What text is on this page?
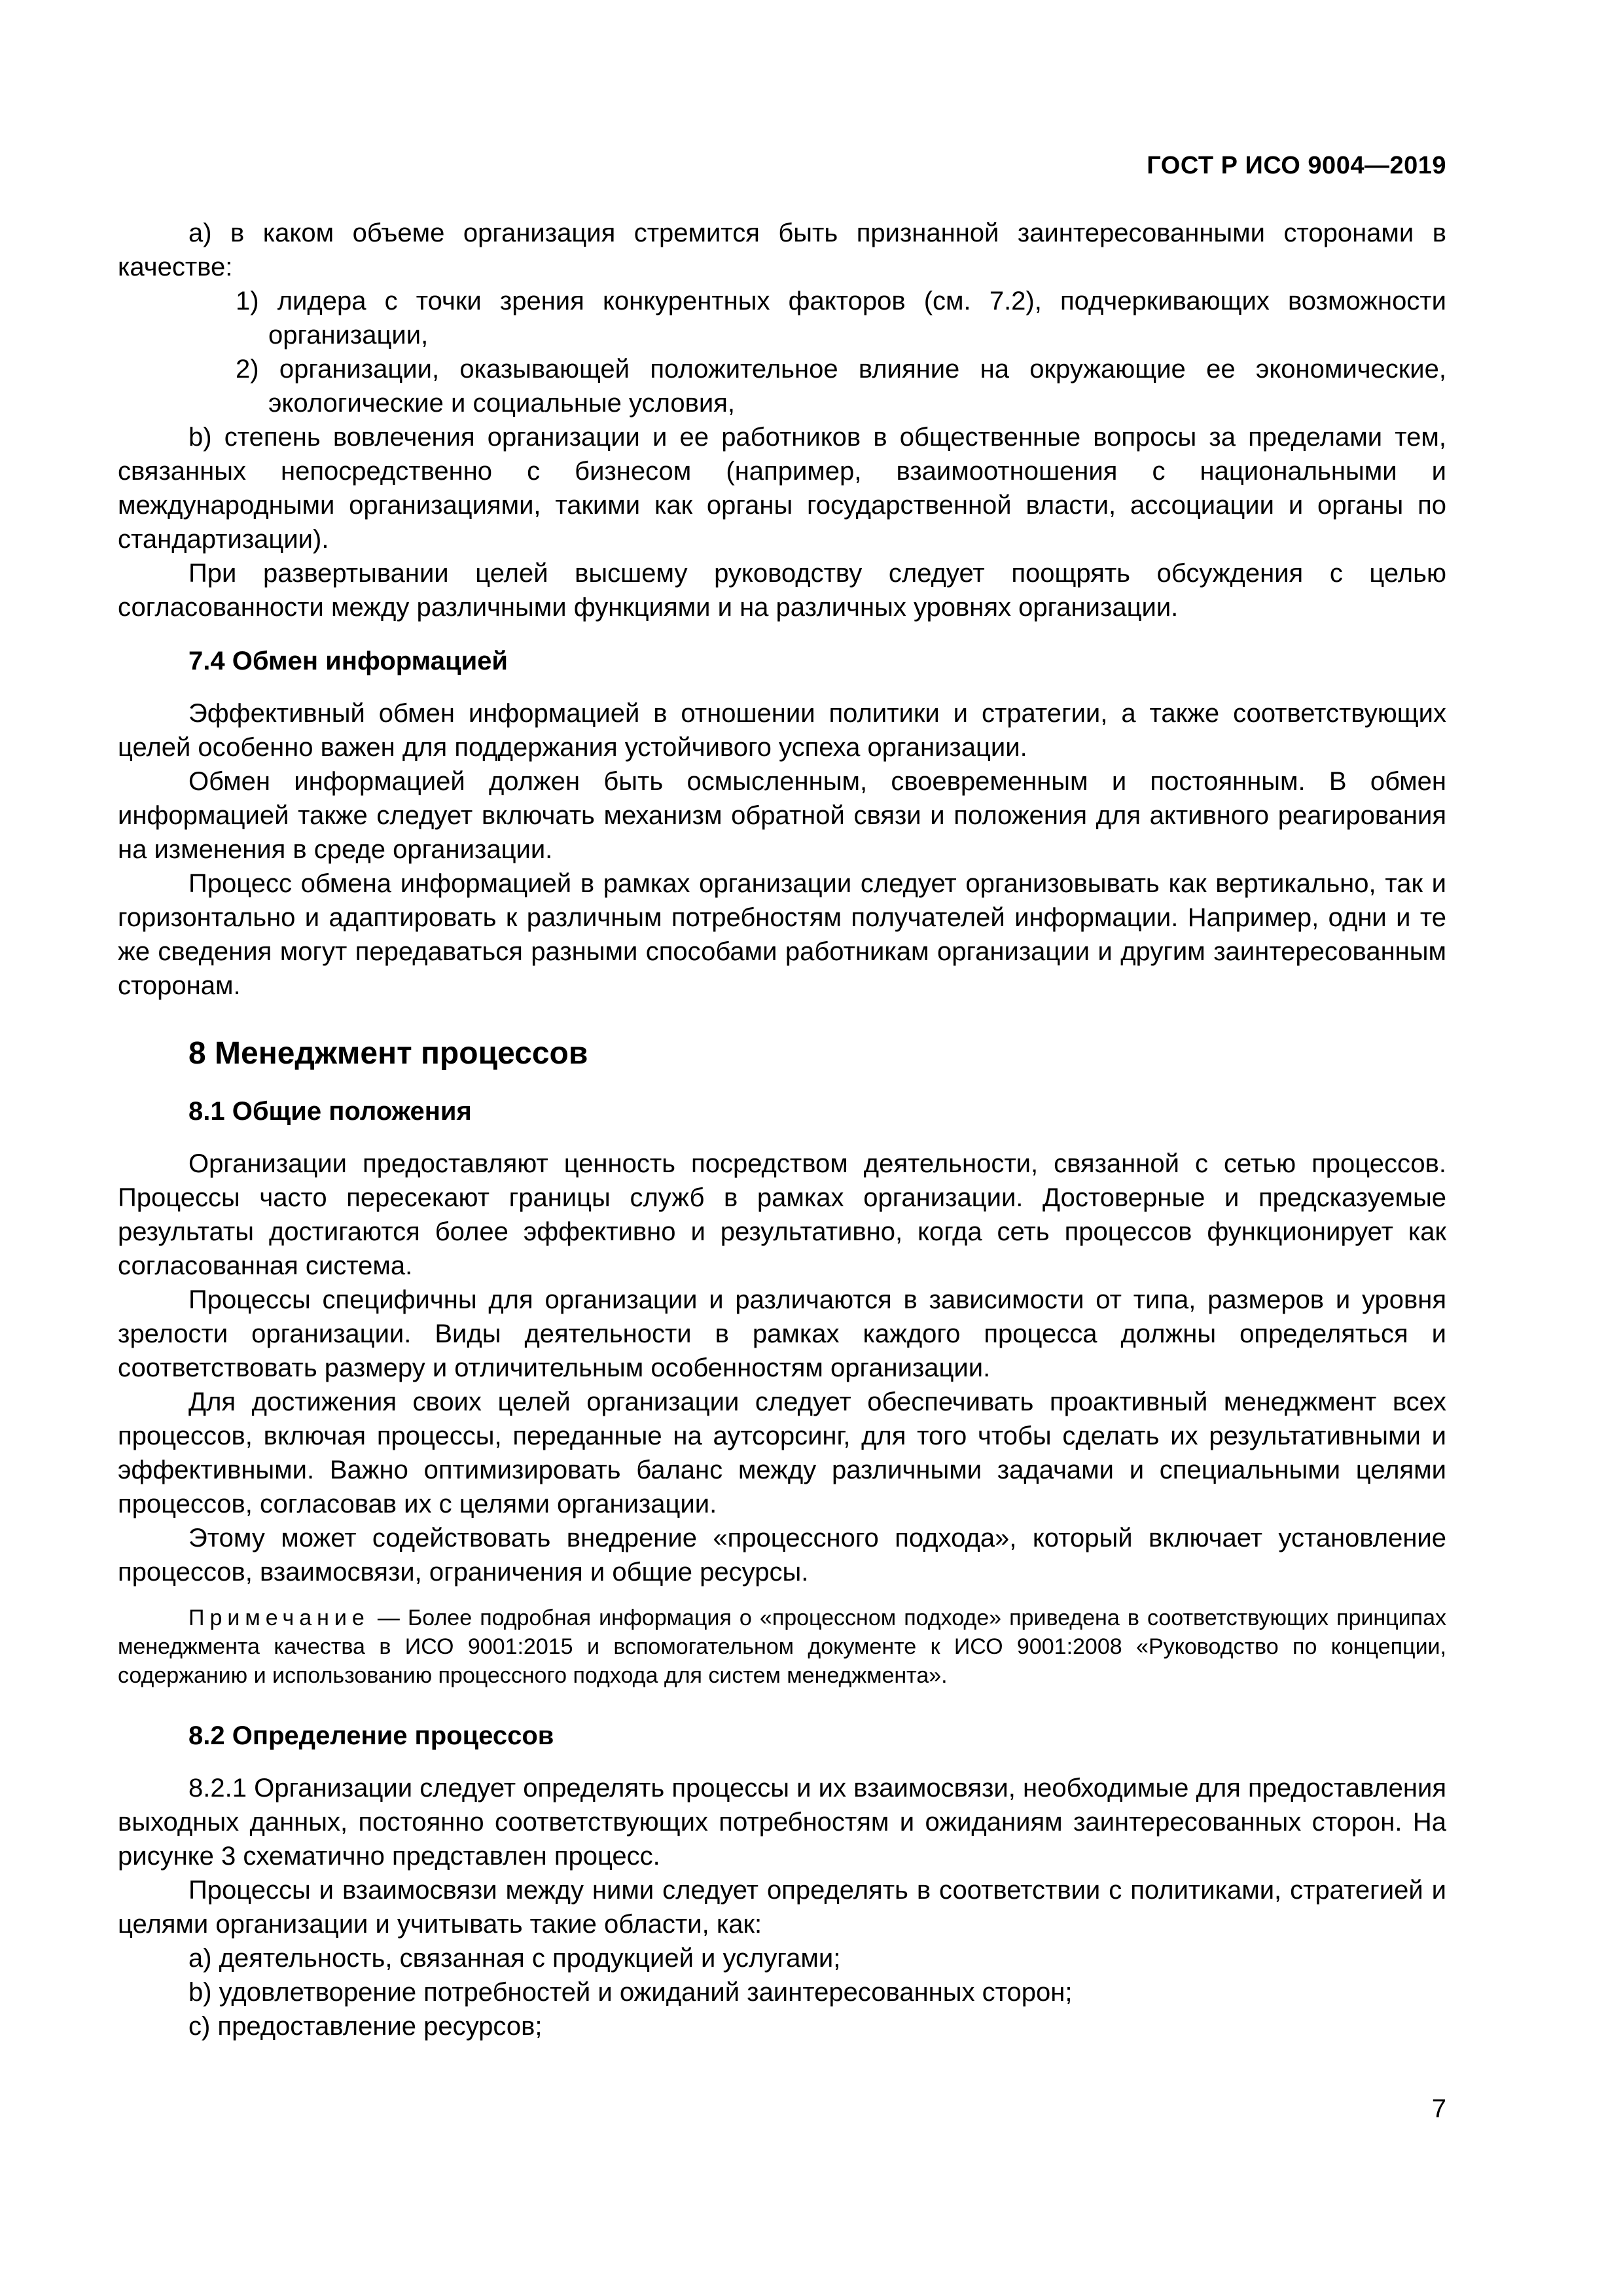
ГОСТ Р ИСО 9004—2019

а) в каком объеме организация стремится быть признанной заинтересованными сторонами в качестве:

1) лидера с точки зрения конкурентных факторов (см. 7.2), подчеркивающих возможности организации,

2) организации, оказывающей положительное влияние на окружающие ее экономические, экологические и социальные условия,

b) степень вовлечения организации и ее работников в общественные вопросы за пределами тем, связанных непосредственно с бизнесом (например, взаимоотношения с национальными и международными организациями, такими как органы государственной власти, ассоциации и органы по стандартизации).

При развертывании целей высшему руководству следует поощрять обсуждения с целью согласованности между различными функциями и на различных уровнях организации.

7.4 Обмен информацией

Эффективный обмен информацией в отношении политики и стратегии, а также соответствующих целей особенно важен для поддержания устойчивого успеха организации.

Обмен информацией должен быть осмысленным, своевременным и постоянным. В обмен информацией также следует включать механизм обратной связи и положения для активного реагирования на изменения в среде организации.

Процесс обмена информацией в рамках организации следует организовывать как вертикально, так и горизонтально и адаптировать к различным потребностям получателей информации. Например, одни и те же сведения могут передаваться разными способами работникам организации и другим заинтересованным сторонам.

8 Менеджмент процессов
8.1 Общие положения

Организации предоставляют ценность посредством деятельности, связанной с сетью процессов. Процессы часто пересекают границы служб в рамках организации. Достоверные и предсказуемые результаты достигаются более эффективно и результативно, когда сеть процессов функционирует как согласованная система.

Процессы специфичны для организации и различаются в зависимости от типа, размеров и уровня зрелости организации. Виды деятельности в рамках каждого процесса должны определяться и соответствовать размеру и отличительным особенностям организации.

Для достижения своих целей организации следует обеспечивать проактивный менеджмент всех процессов, включая процессы, переданные на аутсорсинг, для того чтобы сделать их результативными и эффективными. Важно оптимизировать баланс между различными задачами и специальными целями процессов, согласовав их с целями организации.

Этому может содействовать внедрение «процессного подхода», который включает установление процессов, взаимосвязи, ограничения и общие ресурсы.

Примечание — Более подробная информация о «процессном подходе» приведена в соответствующих принципах менеджмента качества в ИСО 9001:2015 и вспомогательном документе к ИСО 9001:2008 «Руководство по концепции, содержанию и использованию процессного подхода для систем менеджмента».

8.2 Определение процессов

8.2.1 Организации следует определять процессы и их взаимосвязи, необходимые для предоставления выходных данных, постоянно соответствующих потребностям и ожиданиям заинтересованных сторон. На рисунке 3 схематично представлен процесс.

Процессы и взаимосвязи между ними следует определять в соответствии с политиками, стратегией и целями организации и учитывать такие области, как:

a) деятельность, связанная с продукцией и услугами;

b) удовлетворение потребностей и ожиданий заинтересованных сторон;

c) предоставление ресурсов;

7
